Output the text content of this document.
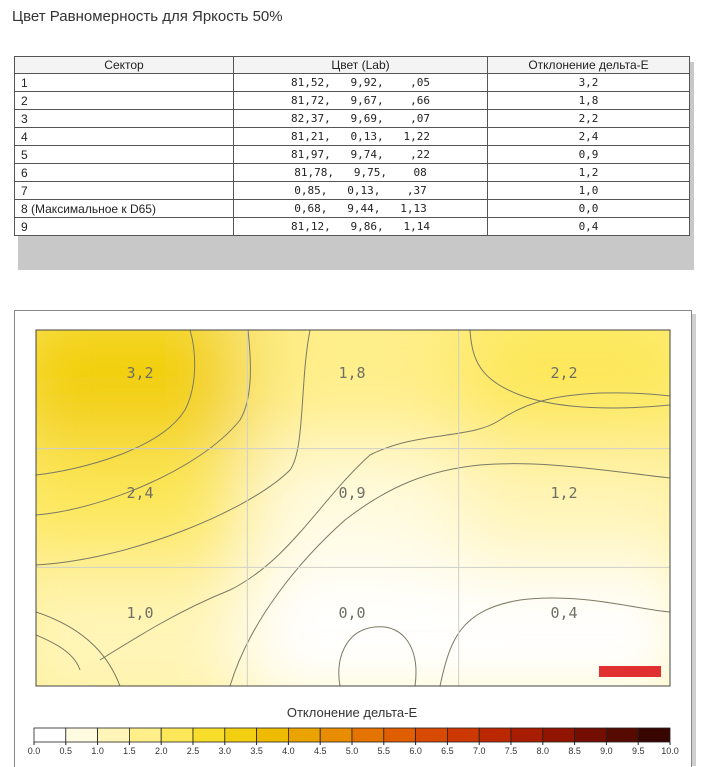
Цвет Равномерность для Яркость 50%
Сектор	Цвет (Lab)	Отклонение дельта-E
1	81,52,   9,92,    ,05	3,2
2	81,72,   9,67,    ,66	1,8
3	82,37,   9,69,    ,07	2,2
4	81,21,   0,13,   1,22	2,4
5	81,97,   9,74,    ,22	0,9
6	81,78,   9,75,    08	1,2
7	0,85,   0,13,    ,37	1,0
8 (Максимальное к D65)	0,68,   9,44,   1,13	0,0
9	81,12,   9,86,   1,14	0,4
3,2	1,8	2,2
2,4	0,9	1,2
1,0	0,0	0,4
0.0 0.5 1.0 1.5 2.0 2.5 3.0 3.5 4.0 4.5 5.0 5.5 6.0 6.5 7.0 7.5 8.0 8.5 9.0 9.5 10.0
Отклонение дельта-E
